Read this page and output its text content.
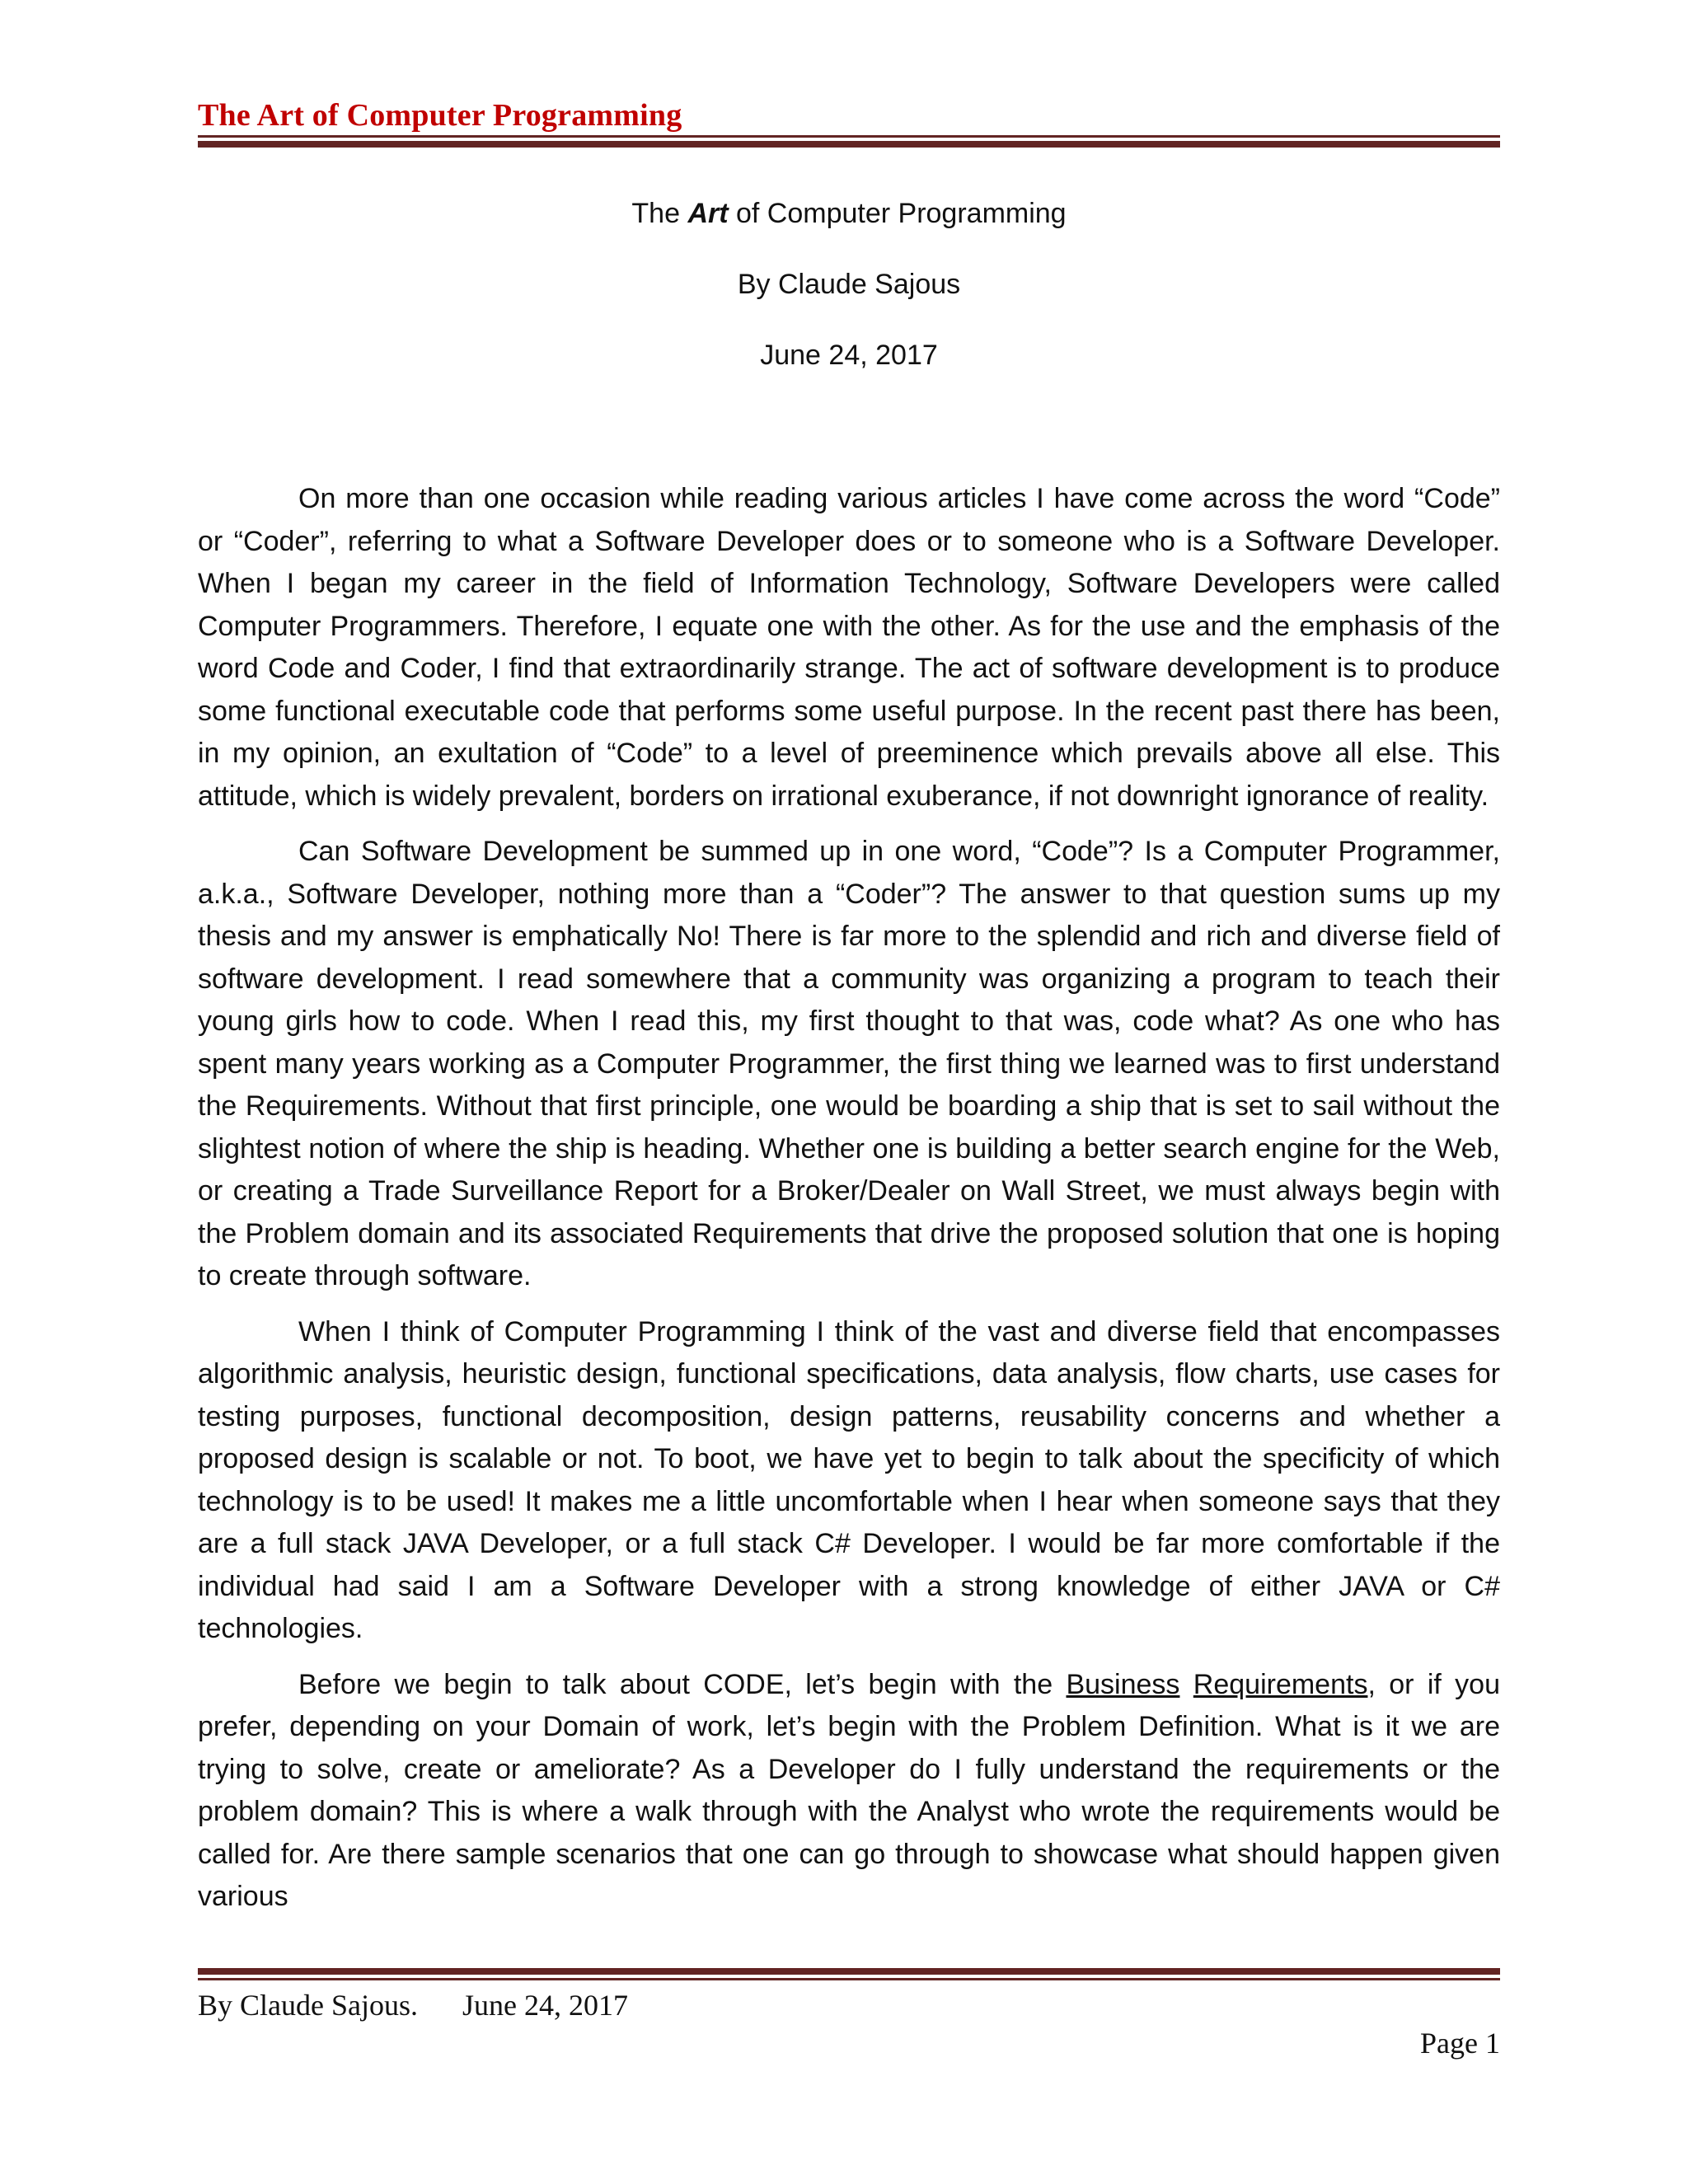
The Art of Computer Programming
The Art of Computer Programming
By Claude Sajous
June 24, 2017

On more than one occasion while reading various articles I have come across the word “Code” or “Coder”, referring to what a Software Developer does or to someone who is a Software Developer. When I began my career in the field of Information Technology, Software Developers were called Computer Programmers. Therefore, I equate one with the other. As for the use and the emphasis of the word Code and Coder, I find that extraordinarily strange. The act of software development is to produce some functional executable code that performs some useful purpose. In the recent past there has been, in my opinion, an exultation of “Code” to a level of preeminence which prevails above all else. This attitude, which is widely prevalent, borders on irrational exuberance, if not downright ignorance of reality.

Can Software Development be summed up in one word, “Code”? Is a Computer Programmer, a.k.a., Software Developer, nothing more than a “Coder”? The answer to that question sums up my thesis and my answer is emphatically No! There is far more to the splendid and rich and diverse field of software development. I read somewhere that a community was organizing a program to teach their young girls how to code. When I read this, my first thought to that was, code what? As one who has spent many years working as a Computer Programmer, the first thing we learned was to first understand the Requirements. Without that first principle, one would be boarding a ship that is set to sail without the slightest notion of where the ship is heading. Whether one is building a better search engine for the Web, or creating a Trade Surveillance Report for a Broker/Dealer on Wall Street, we must always begin with the Problem domain and its associated Requirements that drive the proposed solution that one is hoping to create through software.

When I think of Computer Programming I think of the vast and diverse field that encompasses algorithmic analysis, heuristic design, functional specifications, data analysis, flow charts, use cases for testing purposes, functional decomposition, design patterns, reusability concerns and whether a proposed design is scalable or not. To boot, we have yet to begin to talk about the specificity of which technology is to be used! It makes me a little uncomfortable when I hear when someone says that they are a full stack JAVA Developer, or a full stack C# Developer. I would be far more comfortable if the individual had said I am a Software Developer with a strong knowledge of either JAVA or C# technologies.

Before we begin to talk about CODE, let’s begin with the Business Requirements, or if you prefer, depending on your Domain of work, let’s begin with the Problem Definition. What is it we are trying to solve, create or ameliorate? As a Developer do I fully understand the requirements or the problem domain? This is where a walk through with the Analyst who wrote the requirements would be called for. Are there sample scenarios that one can go through to showcase what should happen given various

By Claude Sajous.      June 24, 2017
Page 1
